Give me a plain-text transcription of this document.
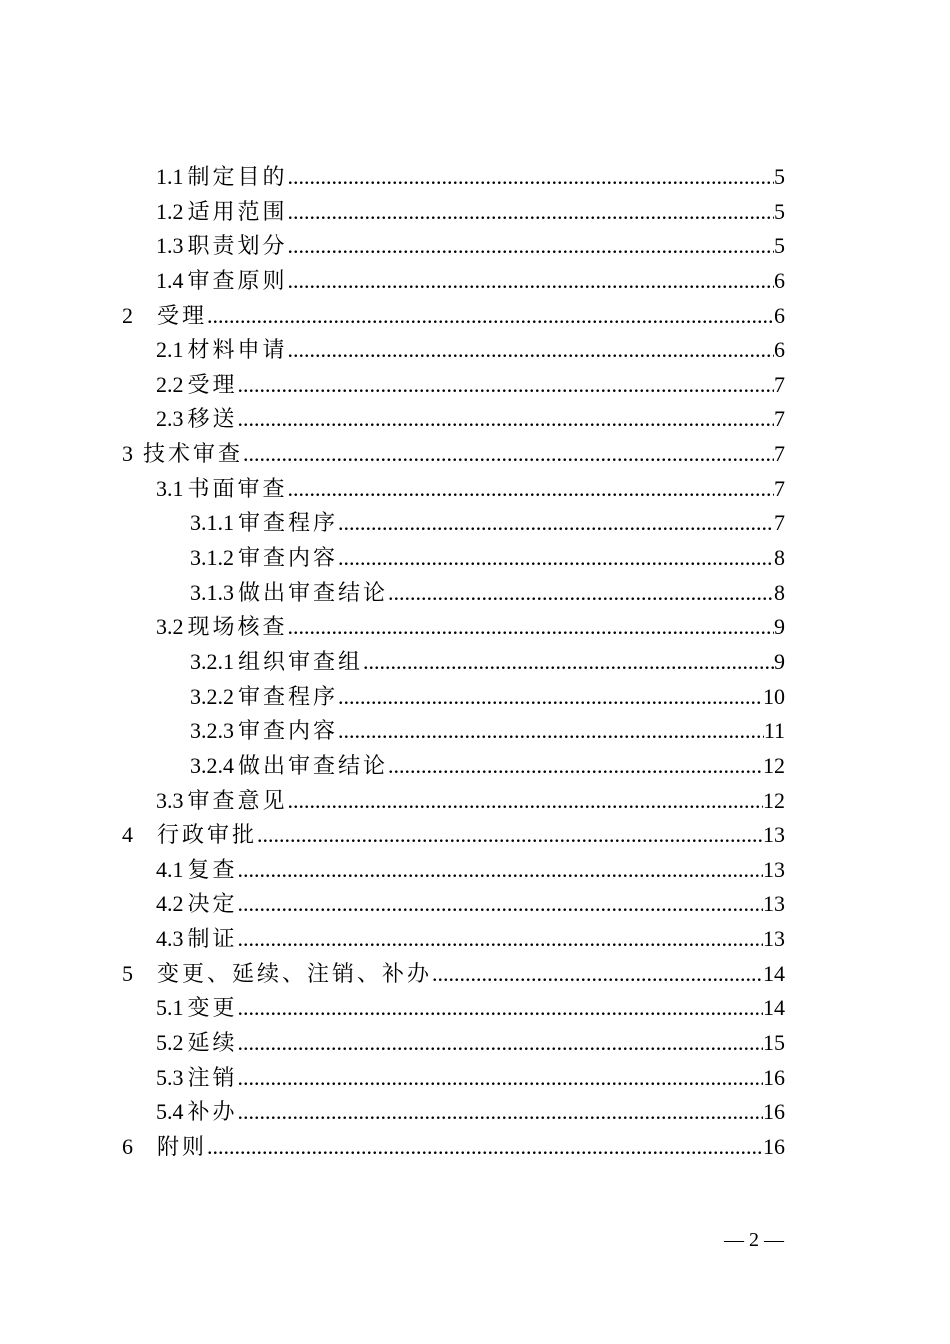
1.1 制定目的 .....	5
1.2 适用范围 .....	5
1.3 职责划分 .....	5
1.4 审查原则 .....	6
2 受理 .....	6
2.1 材料申请 .....	6
2.2 受理 .....	7
2.3 移送 .....	7
3 技术审查 .....	7
3.1 书面审查 .....	7
3.1.1 审查程序 .....	7
3.1.2 审查内容 .....	8
3.1.3 做出审查结论 .....	8
3.2 现场核查 .....	9
3.2.1 组织审查组 .....	9
3.2.2 审查程序 .....	10
3.2.3 审查内容 .....	11
3.2.4 做出审查结论 .....	12
3.3 审查意见 .....	12
4 行政审批 .....	13
4.1 复查 .....	13
4.2 决定 .....	13
4.3 制证 .....	13
5 变更、延续、注销、补办 .....	14
5.1 变更 .....	14
5.2 延续 .....	15
5.3 注销 .....	16
5.4 补办 .....	16
6 附则 .....	16
— 2 —
